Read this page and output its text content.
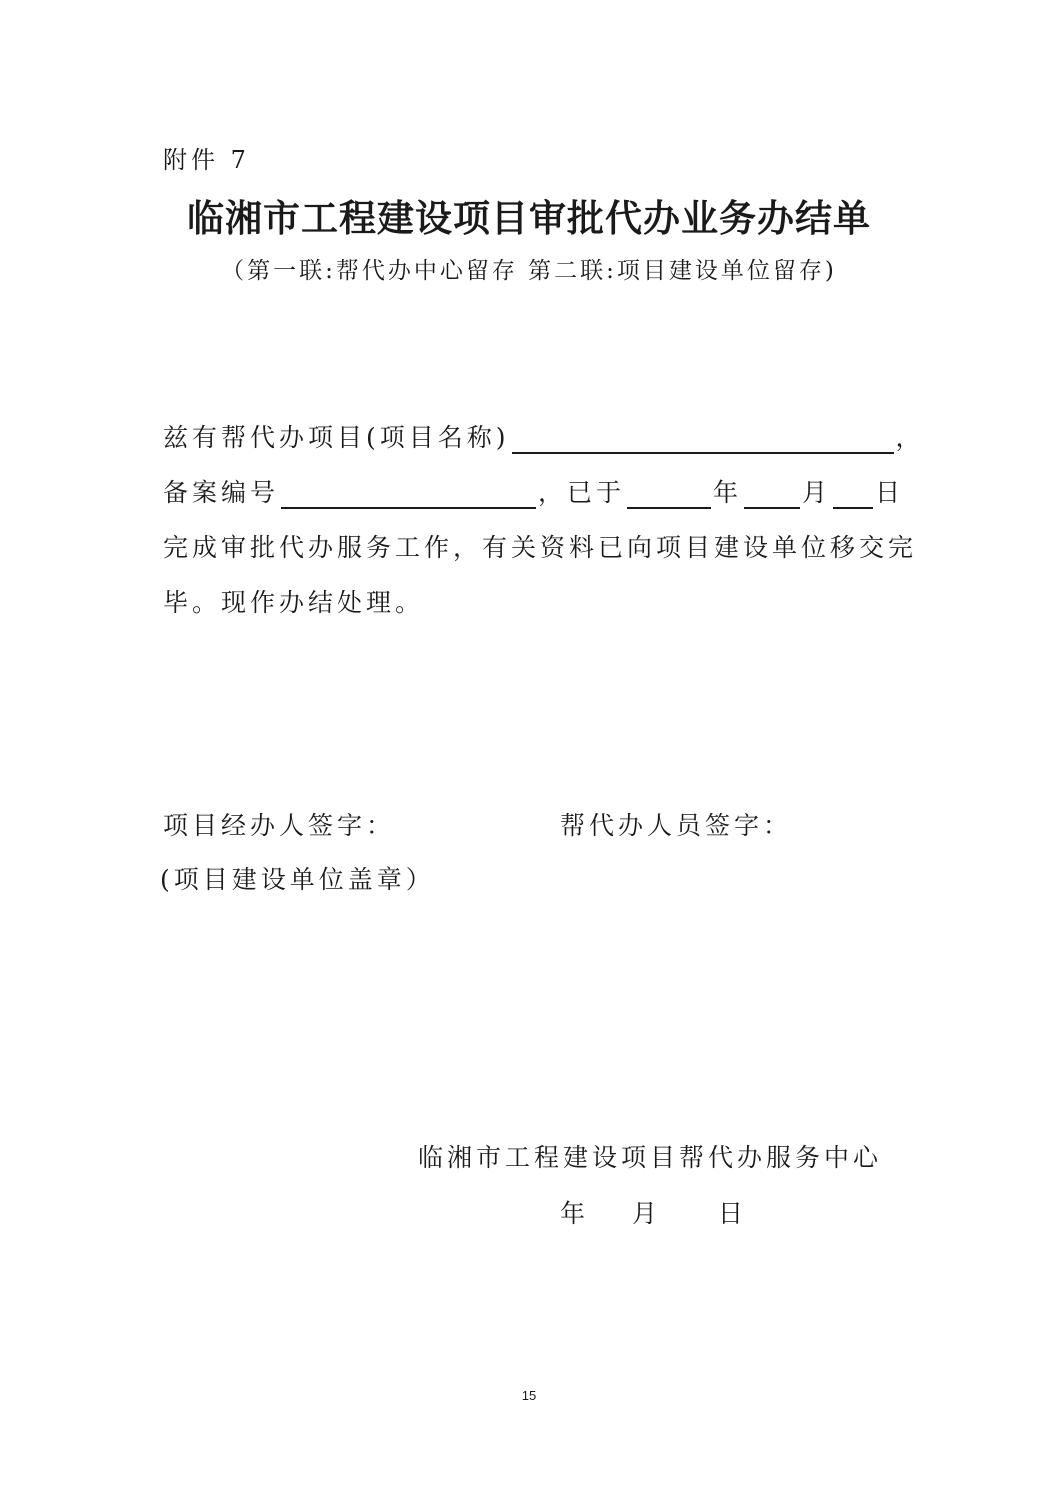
附件 7
临湘市工程建设项目审批代办业务办结单
（第一联:帮代办中心留存 第二联:项目建设单位留存)
兹有帮代办项目(项目名称)	，
备案编号	，已于	年 月 日
完成审批代办服务工作，有关资料已向项目建设单位移交完
毕。现作办结处理。
项目经办人签字：
(项目建设单位盖章）
帮代办人员签字：
临湘市工程建设项目帮代办服务中心
年 月 日
15
